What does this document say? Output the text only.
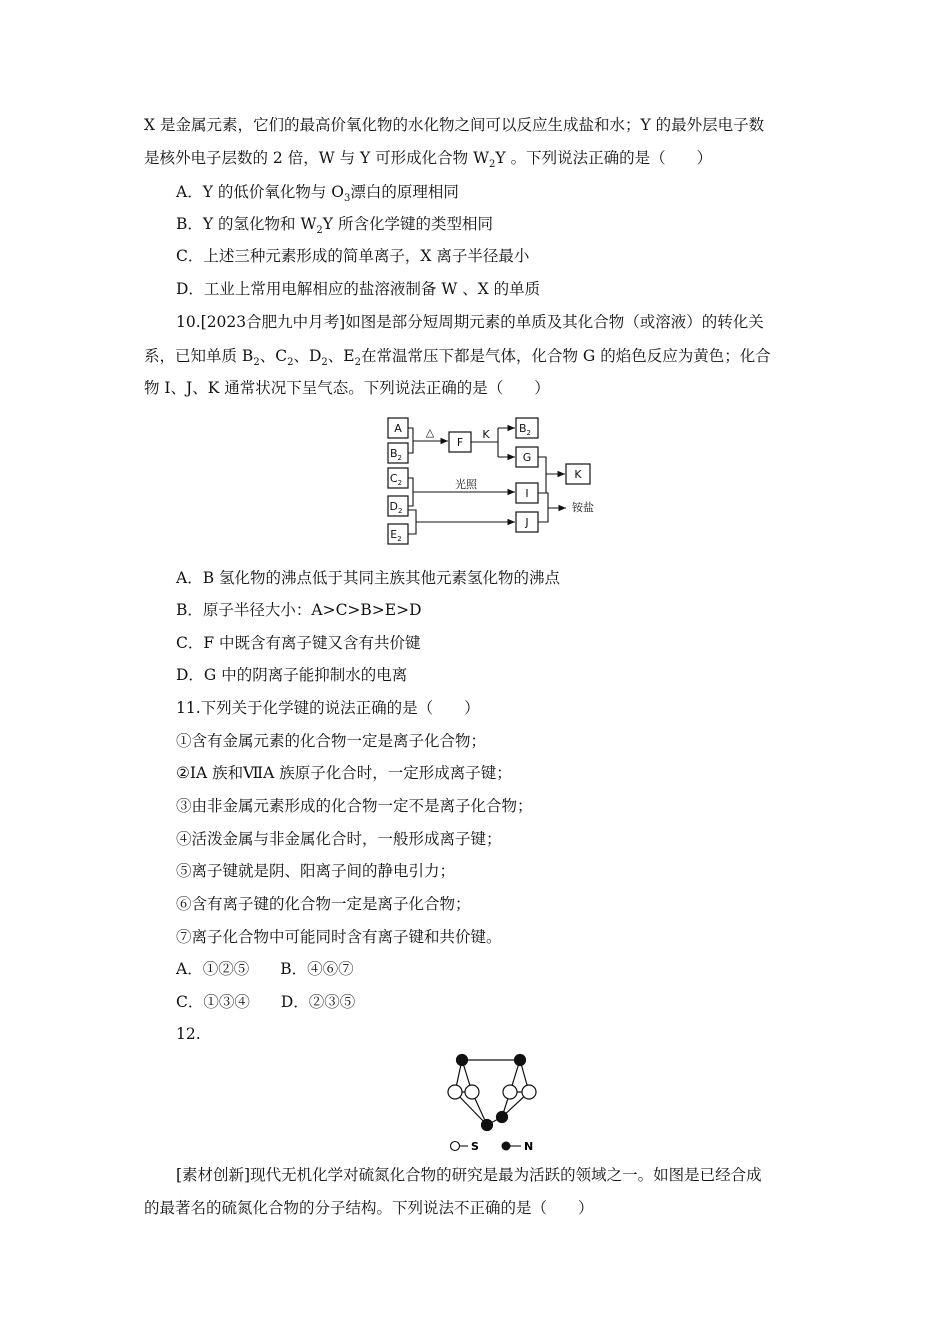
X 是金属元素，它们的最高价氧化物的水化物之间可以反应生成盐和水；Y 的最外层电子数
是核外电子层数的 2 倍，W 与 Y 可形成化合物 $W_2Y$ 。下列说法正确的是（　　）
A．Y 的低价氧化物与 $O_3$漂白的原理相同
B．Y 的氢化物和 $W_2Y$ 所含化学键的类型相同
C．上述三种元素形成的简单离子，X 离子半径最小
D．工业上常用电解相应的盐溶液制备 W 、X 的单质
10.[2023合肥九中月考]如图是部分短周期元素的单质及其化合物（或溶液）的转化关
系，已知单质 $B_2$、$C_2$、$D_2$、$E_2$在常温常压下都是气体，化合物 G 的焰色反应为黄色；化合
物 I、J、K 通常状况下呈气态。下列说法正确的是（　　）
A
$B_2$
$C_2$
$D_2$
$E_2$
F
$B_2$
G
K
I
J
△	K
光照
铵盐
A．B 氢化物的沸点低于其同主族其他元素氢化物的沸点
B．原子半径大小：A>C>B>E>D
C．F 中既含有离子键又含有共价键
D．G 中的阴离子能抑制水的电离
11.下列关于化学键的说法正确的是（　　）
①含有金属元素的化合物一定是离子化合物；
②ⅠA 族和ⅦA 族原子化合时，一定形成离子键；
③由非金属元素形成的化合物一定不是离子化合物；
④活泼金属与非金属化合时，一般形成离子键；
⑤离子键就是阴、阳离子间的静电引力；
⑥含有离子键的化合物一定是离子化合物；
⑦离子化合物中可能同时含有离子键和共价键。
A．①②⑤　　B．④⑥⑦
C．①③④　　D．②③⑤
12.
S	N
[素材创新]现代无机化学对硫氮化合物的研究是最为活跃的领域之一。如图是已经合成
的最著名的硫氮化合物的分子结构。下列说法不正确的是（　　）
